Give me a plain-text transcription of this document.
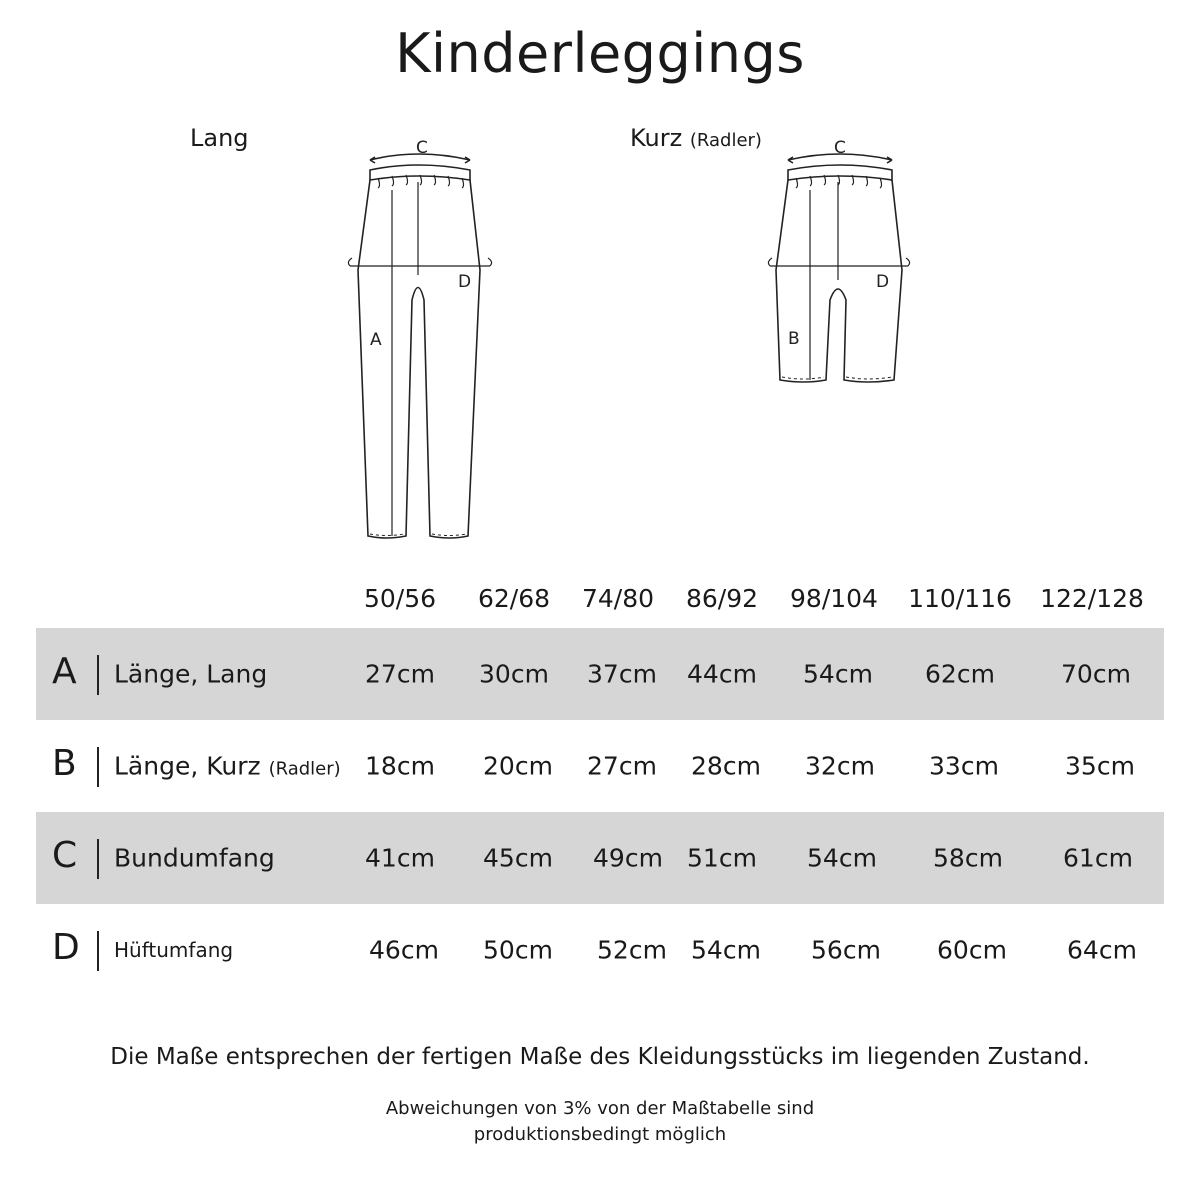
Kinderleggings
Lang	Kurz (Radler)
C
D
A
C
D
B
50/56	62/68	74/80	86/92	98/104	110/116	122/128
A Länge, Lang	27cm	30cm	37cm	44cm	54cm	62cm	70cm
B Länge, Kurz (Radler) 18cm	20cm	27cm	28cm	32cm	33cm	35cm
C Bundumfang	41cm	45cm	49cm 51cm	54cm	58cm	61cm
D Hüftumfang	46cm	50cm	52cm 54cm	56cm	60cm	64cm
Die Maße entsprechen der fertigen Maße des Kleidungsstücks im liegenden Zustand.
Abweichungen von 3% von der Maßtabelle sind
produktionsbedingt möglich
